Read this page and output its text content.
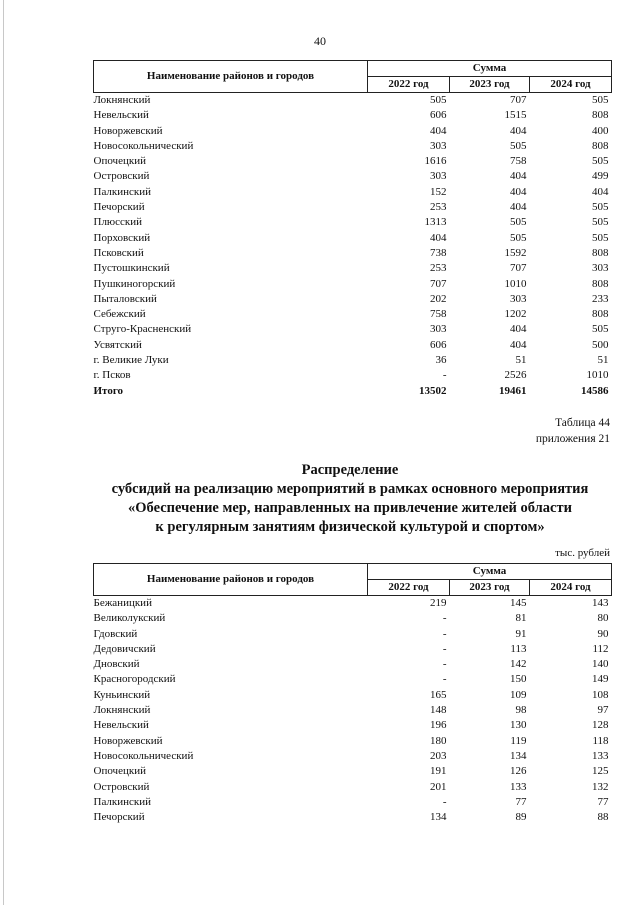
40
Наименование районов и городов	Сумма		
	2022 год	2023 год	2024 год
Локнянский	505	707	505
Невельский	606	1515	808
Новоржевский	404	404	400
Новосокольнический	303	505	808
Опочецкий	1616	758	505
Островский	303	404	499
Палкинский	152	404	404
Печорский	253	404	505
Плюсский	1313	505	505
Порховский	404	505	505
Псковский	738	1592	808
Пустошкинский	253	707	303
Пушкиногорский	707	1010	808
Пыталовский	202	303	233
Себежский	758	1202	808
Струго-Красненский	303	404	505
Усвятский	606	404	500
г. Великие Луки	36	51	51
г. Псков	-	2526	1010
Итого	13502	19461	14586
Таблица 44
приложения 21
Распределение
субсидий на реализацию мероприятий в рамках основного мероприятия
«Обеспечение мер, направленных на привлечение жителей области
к регулярным занятиям физической культурой и спортом»
тыс. рублей
Наименование районов и городов	Сумма		
	2022 год	2023 год	2024 год
Бежаницкий	219	145	143
Великолукский	-	81	80
Гдовский	-	91	90
Дедовичский	-	113	112
Дновский	-	142	140
Красногородский	-	150	149
Куньинский	165	109	108
Локнянский	148	98	97
Невельский	196	130	128
Новоржевский	180	119	118
Новосокольнический	203	134	133
Опочецкий	191	126	125
Островский	201	133	132
Палкинский	-	77	77
Печорский	134	89	88
